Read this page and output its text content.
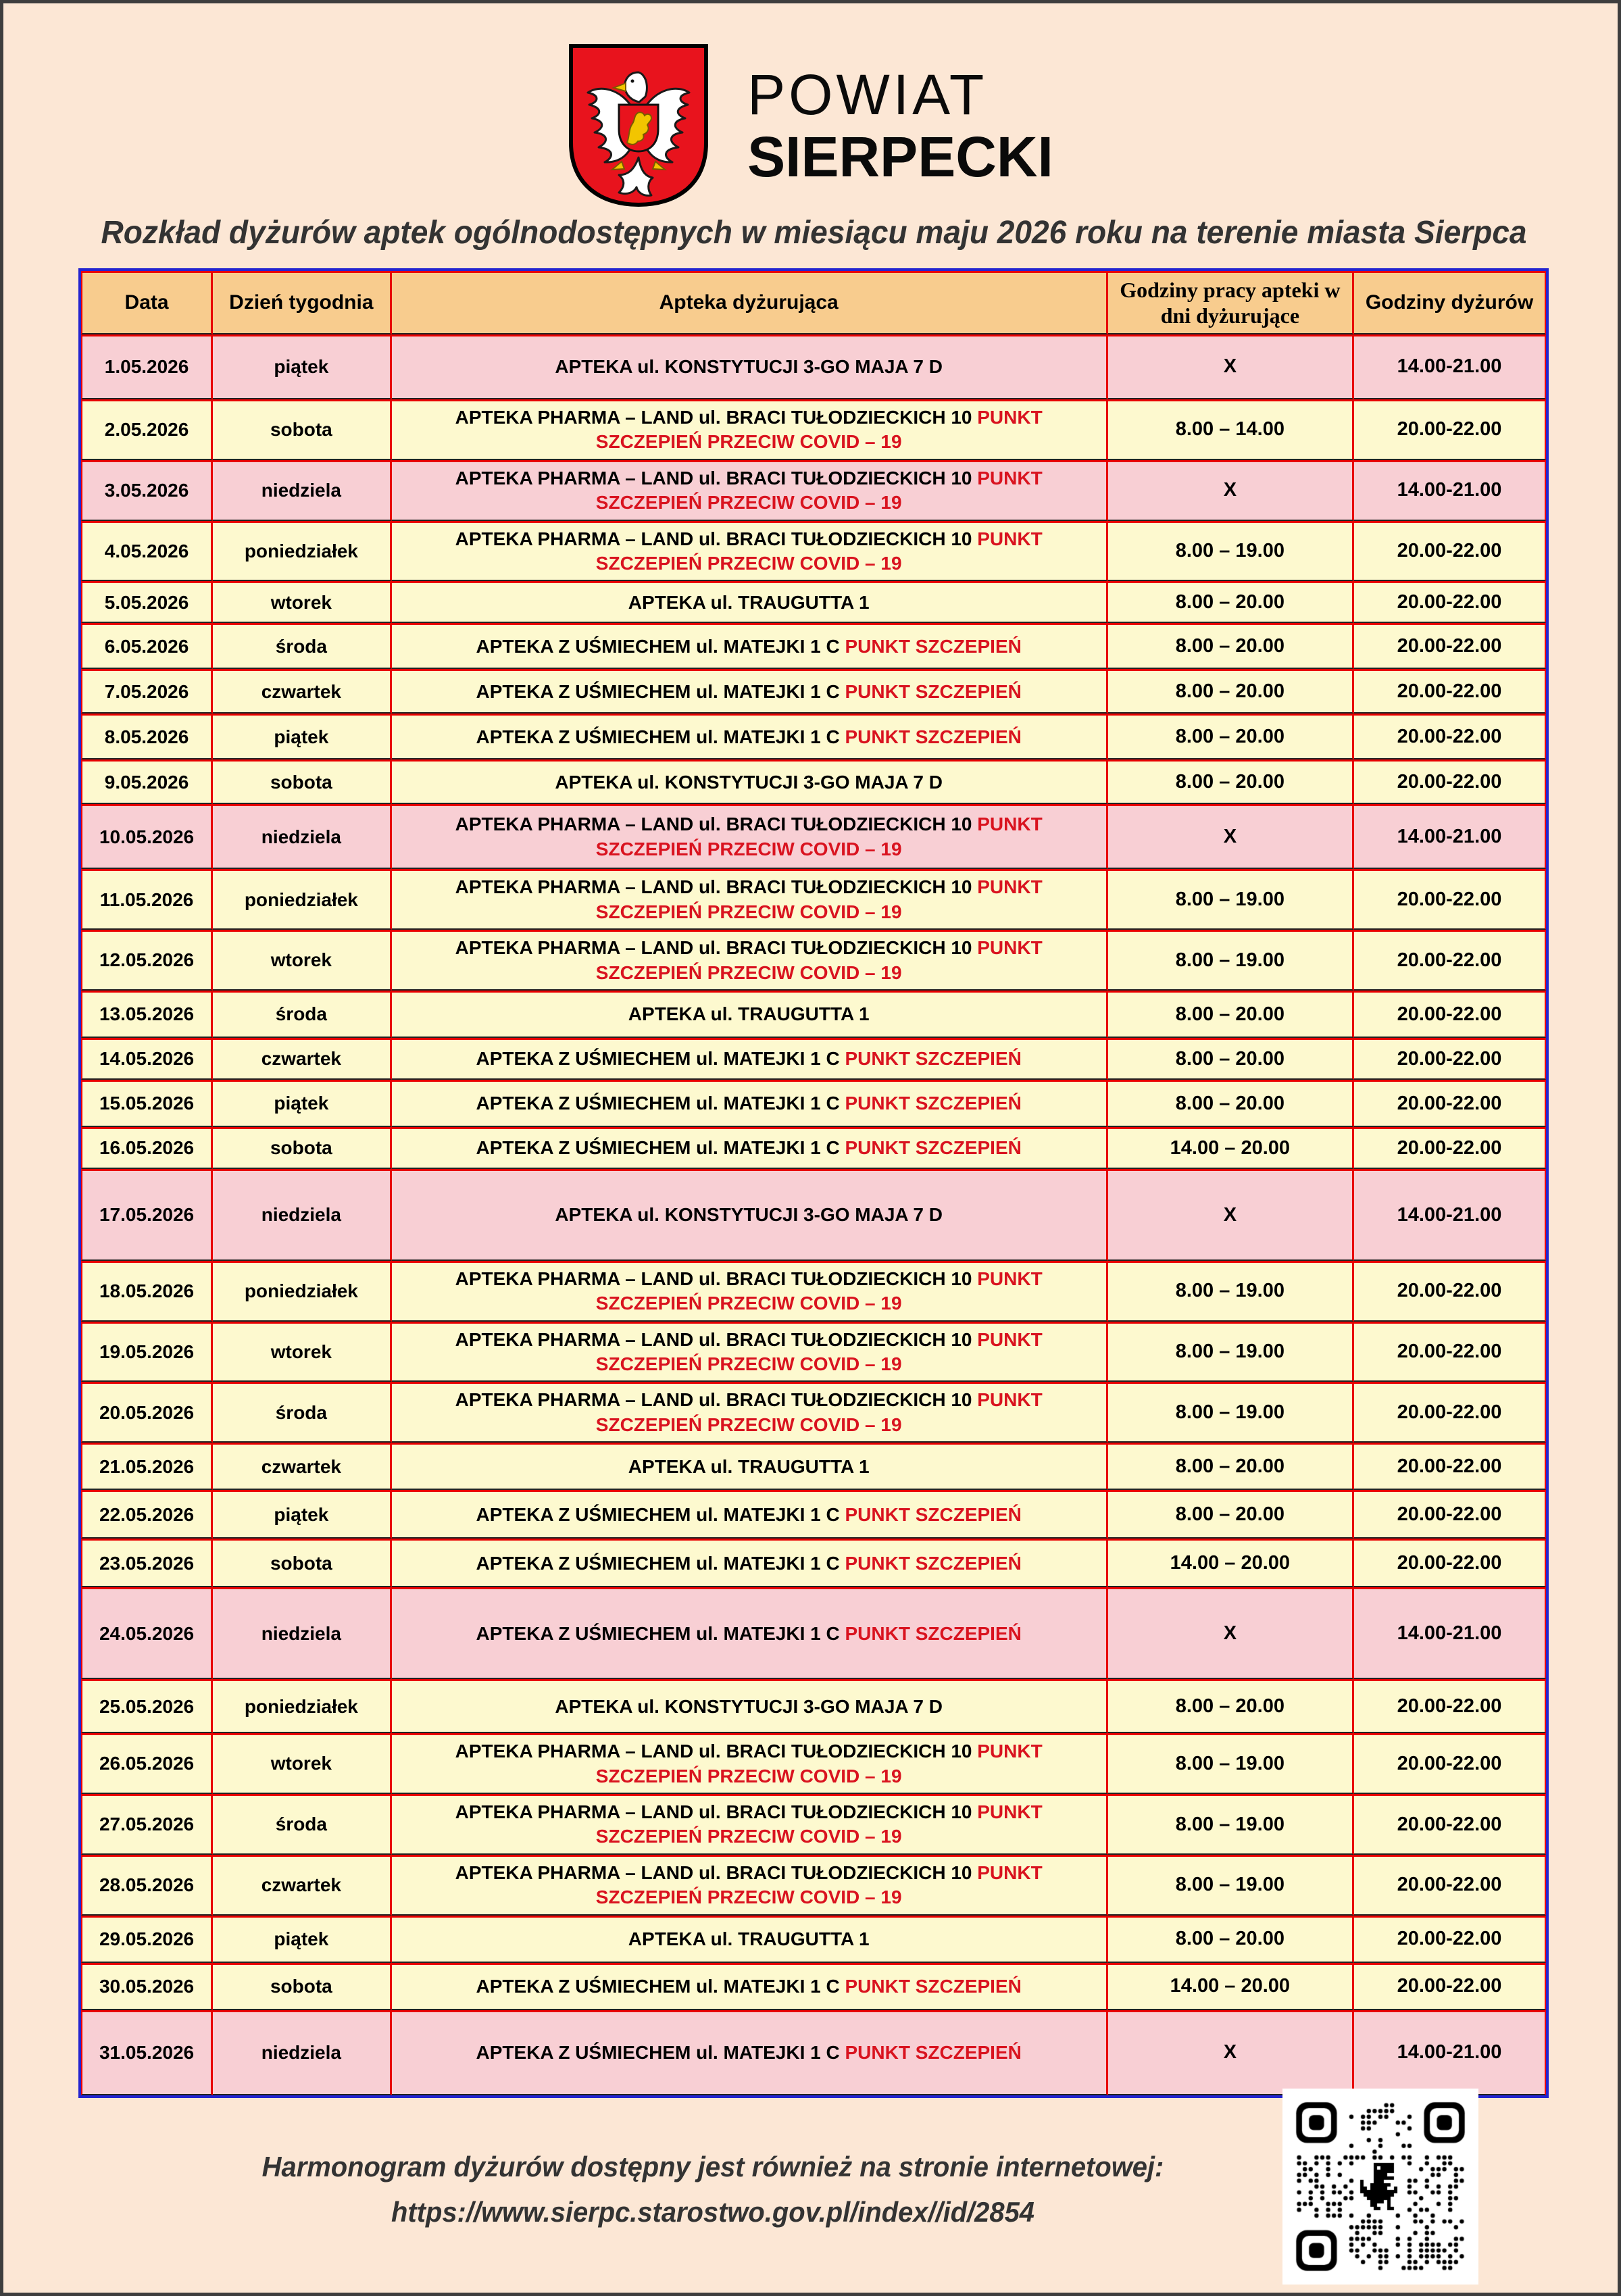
POWIAT
SIERPECKI
Rozkład dyżurów aptek ogólnodostępnych w miesiącu maju 2026 roku na terenie miasta Sierpca
Data	Dzień tygodnia	Apteka dyżurująca	Godziny pracy apteki w dni dyżurujące	Godziny dyżurów
1.05.2026	piątek	APTEKA ul. KONSTYTUCJI 3-GO MAJA 7 D	X	14.00-21.00
2.05.2026	sobota	APTEKA PHARMA – LAND ul. BRACI TUŁODZIECKICH 10 PUNKT SZCZEPIEŃ PRZECIW COVID – 19	8.00 – 14.00	20.00-22.00
3.05.2026	niedziela	APTEKA PHARMA – LAND ul. BRACI TUŁODZIECKICH 10 PUNKT SZCZEPIEŃ PRZECIW COVID – 19	X	14.00-21.00
4.05.2026	poniedziałek	APTEKA PHARMA – LAND ul. BRACI TUŁODZIECKICH 10 PUNKT SZCZEPIEŃ PRZECIW COVID – 19	8.00 – 19.00	20.00-22.00
5.05.2026	wtorek	APTEKA ul. TRAUGUTTA 1	8.00 – 20.00	20.00-22.00
6.05.2026	środa	APTEKA Z UŚMIECHEM ul. MATEJKI 1 C PUNKT SZCZEPIEŃ	8.00 – 20.00	20.00-22.00
7.05.2026	czwartek	APTEKA Z UŚMIECHEM ul. MATEJKI 1 C PUNKT SZCZEPIEŃ	8.00 – 20.00	20.00-22.00
8.05.2026	piątek	APTEKA Z UŚMIECHEM ul. MATEJKI 1 C PUNKT SZCZEPIEŃ	8.00 – 20.00	20.00-22.00
9.05.2026	sobota	APTEKA ul. KONSTYTUCJI 3-GO MAJA 7 D	8.00 – 20.00	20.00-22.00
10.05.2026	niedziela	APTEKA PHARMA – LAND ul. BRACI TUŁODZIECKICH 10 PUNKT SZCZEPIEŃ PRZECIW COVID – 19	X	14.00-21.00
11.05.2026	poniedziałek	APTEKA PHARMA – LAND ul. BRACI TUŁODZIECKICH 10 PUNKT SZCZEPIEŃ PRZECIW COVID – 19	8.00 – 19.00	20.00-22.00
12.05.2026	wtorek	APTEKA PHARMA – LAND ul. BRACI TUŁODZIECKICH 10 PUNKT SZCZEPIEŃ PRZECIW COVID – 19	8.00 – 19.00	20.00-22.00
13.05.2026	środa	APTEKA ul. TRAUGUTTA 1	8.00 – 20.00	20.00-22.00
14.05.2026	czwartek	APTEKA Z UŚMIECHEM ul. MATEJKI 1 C PUNKT SZCZEPIEŃ	8.00 – 20.00	20.00-22.00
15.05.2026	piątek	APTEKA Z UŚMIECHEM ul. MATEJKI 1 C PUNKT SZCZEPIEŃ	8.00 – 20.00	20.00-22.00
16.05.2026	sobota	APTEKA Z UŚMIECHEM ul. MATEJKI 1 C PUNKT SZCZEPIEŃ	14.00 – 20.00	20.00-22.00
17.05.2026	niedziela	APTEKA ul. KONSTYTUCJI 3-GO MAJA 7 D	X	14.00-21.00
18.05.2026	poniedziałek	APTEKA PHARMA – LAND ul. BRACI TUŁODZIECKICH 10 PUNKT SZCZEPIEŃ PRZECIW COVID – 19	8.00 – 19.00	20.00-22.00
19.05.2026	wtorek	APTEKA PHARMA – LAND ul. BRACI TUŁODZIECKICH 10 PUNKT SZCZEPIEŃ PRZECIW COVID – 19	8.00 – 19.00	20.00-22.00
20.05.2026	środa	APTEKA PHARMA – LAND ul. BRACI TUŁODZIECKICH 10 PUNKT SZCZEPIEŃ PRZECIW COVID – 19	8.00 – 19.00	20.00-22.00
21.05.2026	czwartek	APTEKA ul. TRAUGUTTA 1	8.00 – 20.00	20.00-22.00
22.05.2026	piątek	APTEKA Z UŚMIECHEM ul. MATEJKI 1 C PUNKT SZCZEPIEŃ	8.00 – 20.00	20.00-22.00
23.05.2026	sobota	APTEKA Z UŚMIECHEM ul. MATEJKI 1 C PUNKT SZCZEPIEŃ	14.00 – 20.00	20.00-22.00
24.05.2026	niedziela	APTEKA Z UŚMIECHEM ul. MATEJKI 1 C PUNKT SZCZEPIEŃ	X	14.00-21.00
25.05.2026	poniedziałek	APTEKA ul. KONSTYTUCJI 3-GO MAJA 7 D	8.00 – 20.00	20.00-22.00
26.05.2026	wtorek	APTEKA PHARMA – LAND ul. BRACI TUŁODZIECKICH 10 PUNKT SZCZEPIEŃ PRZECIW COVID – 19	8.00 – 19.00	20.00-22.00
27.05.2026	środa	APTEKA PHARMA – LAND ul. BRACI TUŁODZIECKICH 10 PUNKT SZCZEPIEŃ PRZECIW COVID – 19	8.00 – 19.00	20.00-22.00
28.05.2026	czwartek	APTEKA PHARMA – LAND ul. BRACI TUŁODZIECKICH 10 PUNKT SZCZEPIEŃ PRZECIW COVID – 19	8.00 – 19.00	20.00-22.00
29.05.2026	piątek	APTEKA ul. TRAUGUTTA 1	8.00 – 20.00	20.00-22.00
30.05.2026	sobota	APTEKA Z UŚMIECHEM ul. MATEJKI 1 C PUNKT SZCZEPIEŃ	14.00 – 20.00	20.00-22.00
31.05.2026	niedziela	APTEKA Z UŚMIECHEM ul. MATEJKI 1 C PUNKT SZCZEPIEŃ	X	14.00-21.00
Harmonogram dyżurów dostępny jest również na stronie internetowej:
https://www.sierpc.starostwo.gov.pl/index//id/2854
